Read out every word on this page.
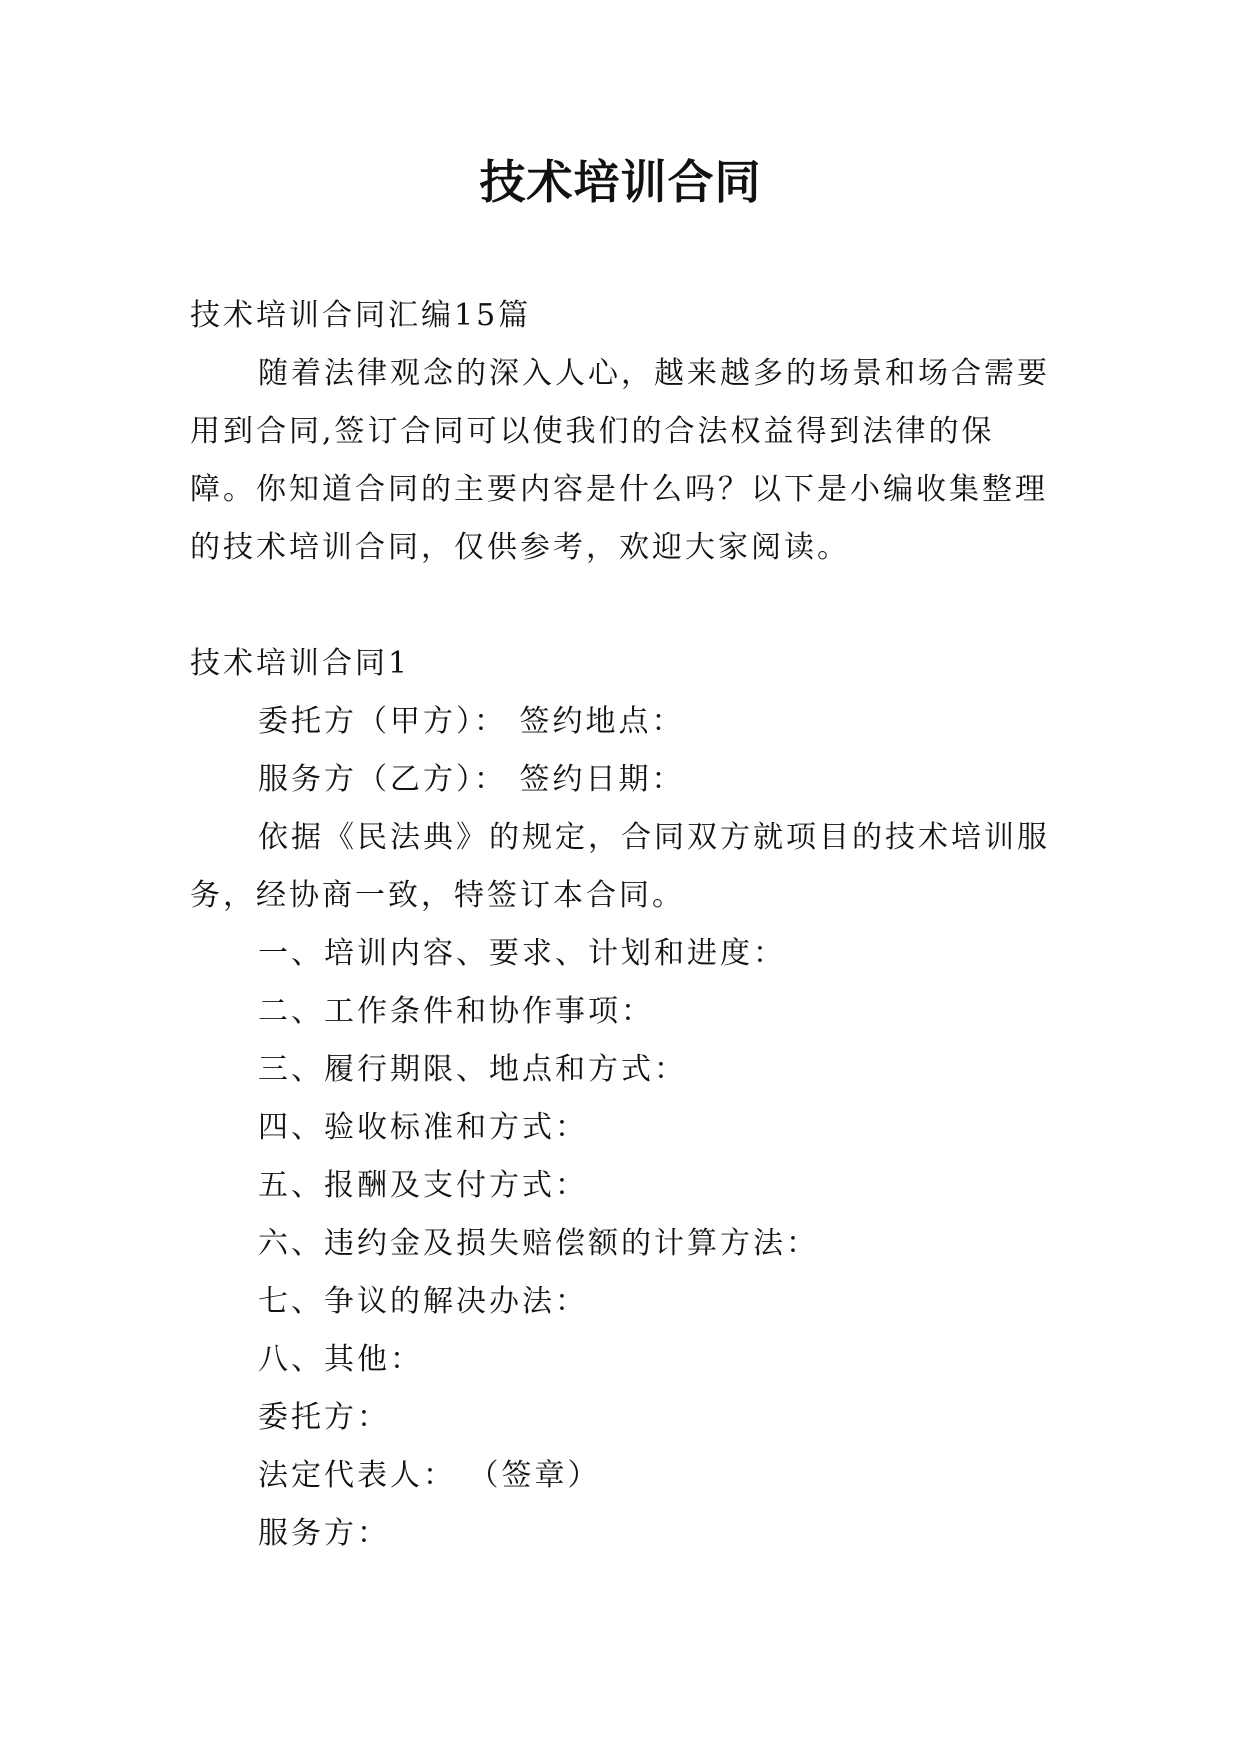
技术培训合同

技术培训合同汇编15篇

随着法律观念的深入人心，越来越多的场景和场合需要用到合同,签订合同可以使我们的合法权益得到法律的保障。你知道合同的主要内容是什么吗？以下是小编收集整理的技术培训合同，仅供参考，欢迎大家阅读。

技术培训合同1

委托方（甲方）： 签约地点：

服务方（乙方）： 签约日期：

依据《民法典》的规定，合同双方就项目的技术培训服务，经协商一致，特签订本合同。

一、培训内容、要求、计划和进度：

二、工作条件和协作事项：

三、履行期限、地点和方式：

四、验收标准和方式：

五、报酬及支付方式：

六、违约金及损失赔偿额的计算方法：

七、争议的解决办法：

八、其他：

委托方：

法定代表人： （签章）

服务方：
